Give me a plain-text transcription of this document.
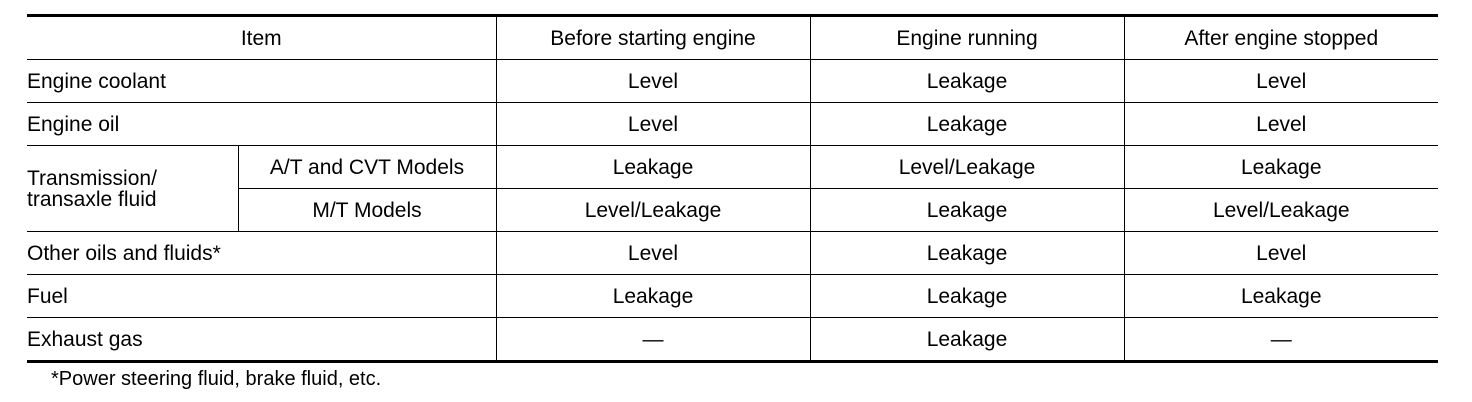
Item		Before starting engine	Engine running	After engine stopped
Engine coolant		Level	Leakage	Level
Engine oil		Level	Leakage	Level
Transmission/
transaxle fluid	A/T and CVT Models	Leakage	Level/Leakage	Leakage
	M/T Models	Level/Leakage	Leakage	Level/Leakage
Other oils and fluids*		Level	Leakage	Level
Fuel		Leakage	Leakage	Leakage
Exhaust gas		—	Leakage	—
*Power steering fluid, brake fluid, etc.
